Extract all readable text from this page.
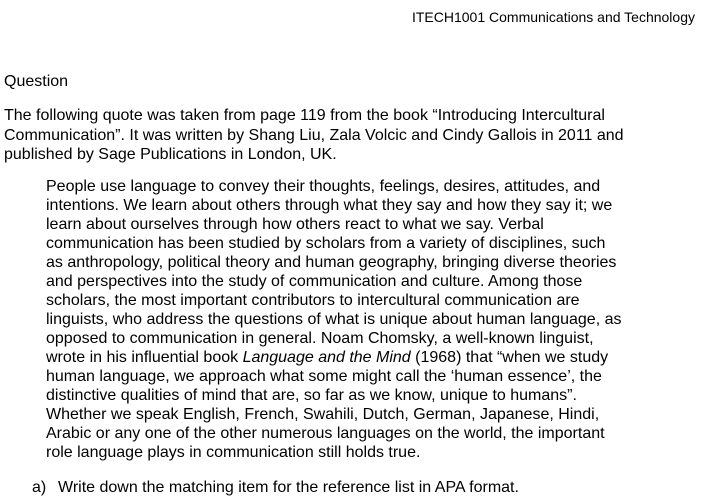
ITECH1001 Communications and Technology
Question
The following quote was taken from page 119 from the book “Introducing Intercultural
Communication”. It was written by Shang Liu, Zala Volcic and Cindy Gallois in 2011 and
published by Sage Publications in London, UK.
People use language to convey their thoughts, feelings, desires, attitudes, and
intentions. We learn about others through what they say and how they say it; we
learn about ourselves through how others react to what we say. Verbal
communication has been studied by scholars from a variety of disciplines, such
as anthropology, political theory and human geography, bringing diverse theories
and perspectives into the study of communication and culture. Among those
scholars, the most important contributors to intercultural communication are
linguists, who address the questions of what is unique about human language, as
opposed to communication in general. Noam Chomsky, a well-known linguist,
wrote in his influential book Language and the Mind (1968) that “when we study
human language, we approach what some might call the ‘human essence’, the
distinctive qualities of mind that are, so far as we know, unique to humans”.
Whether we speak English, French, Swahili, Dutch, German, Japanese, Hindi,
Arabic or any one of the other numerous languages on the world, the important
role language plays in communication still holds true.
a) Write down the matching item for the reference list in APA format.
